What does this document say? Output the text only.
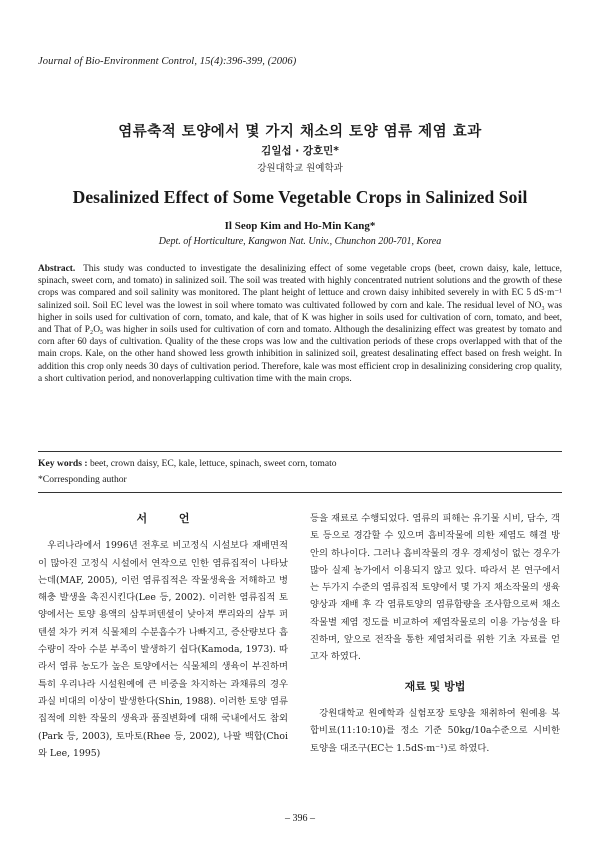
Journal of Bio-Environment Control, 15(4):396-399, (2006)
염류축적 토양에서 몇 가지 채소의 토양 염류 제염 효과
김일섭 · 강호민*
강원대학교 원예학과
Desalinized Effect of Some Vegetable Crops in Salinized Soil
Il Seop Kim and Ho-Min Kang*
Dept. of Horticulture, Kangwon Nat. Univ., Chunchon 200-701, Korea
Abstract. This study was conducted to investigate the desalinizing effect of some vegetable crops (beet, crown daisy, kale, lettuce, spinach, sweet corn, and tomato) in salinized soil. The soil was treated with highly concentrated nutrient solutions and the growth of these crops was compared and soil salinity was monitored. The plant height of lettuce and crown daisy inhibited severely in with EC 5 dS·m⁻¹ salinized soil. Soil EC level was the lowest in soil where tomato was cultivated followed by corn and kale. The residual level of NO₃ was higher in soils used for cultivation of corn, tomato, and kale, that of K was higher in soils used for cultivation of corn, tomato, and beet, and That of P₂O₅ was higher in soils used for cultivation of corn and tomato. Although the desalinizing effect was greatest by tomato and corn after 60 days of cultivation. Quality of the these crops was low and the cultivation periods of these crops overlapped with that of the main crops. Kale, on the other hand showed less growth inhibition in salinized soil, greatest desalinating effect based on fresh weight. In addition this crop only needs 30 days of cultivation period. Therefore, kale was most efficient crop in desalinizing considering crop quality, a short cultivation period, and nonoverlapping cultivation time with the main crops.
Key words : beet, crown daisy, EC, kale, lettuce, spinach, sweet corn, tomato
*Corresponding author
서 언

우리나라에서 1996년 전후로 비고정식 시설보다 재배면적이 많아진 고정식 시설에서 연작으로 인한 염류집적이 나타났는데(MAF, 2005), 이런 염류집적은 작물생육을 저해하고 병해충 발생을 촉진시킨다(Lee 등, 2002). 이러한 염류집적 토양에서는 토양 용액의 삼투퍼텐셜이 낮아져 뿌리와의 삼투 퍼텐셜 차가 커져 식물체의 수분흡수가 나빠지고, 증산량보다 흡수량이 작아 수분 부족이 발생하기 쉽다(Kamoda, 1973). 따라서 염류 농도가 높은 토양에서는 식물체의 생육이 부진하며 특히 우리나라 시설원예에 큰 비중을 차지하는 과채류의 경우 과실 비대의 이상이 발생한다(Shin, 1988). 이러한 토양 염류 집적에 의한 작물의 생육과 품질변화에 대해 국내에서도 참외(Park 등, 2003), 토마토(Rhee 등, 2002), 나팔 백합(Choi와 Lee, 1995)

등을 재료로 수행되었다. 염류의 피해는 유기물 시비, 담수, 객토 등으로 경감할 수 있으며 흡비작물에 의한 제염도 해결 방안의 하나이다. 그러나 흡비작물의 경우 경제성이 없는 경우가 많아 실제 농가에서 이용되지 않고 있다. 따라서 본 연구에서는 두가지 수준의 염류집적 토양에서 몇 가지 채소작물의 생육 양상과 재배 후 각 염류토양의 염류함량을 조사함으로써 채소작물별 제염 정도를 비교하여 제염작물로의 이용 가능성을 타진하며, 앞으로 전작을 통한 제염처리를 위한 기초 자료를 얻고자 하였다.

재료 및 방법

강원대학교 원예학과 실험포장 토양을 채취하여 원예용 복합비료(11:10:10)를 정소 기준 50kg/10a수준으로 시비한 토양을 대조구(EC는 1.5dS·m⁻¹)로 하였다.

– 396 –
